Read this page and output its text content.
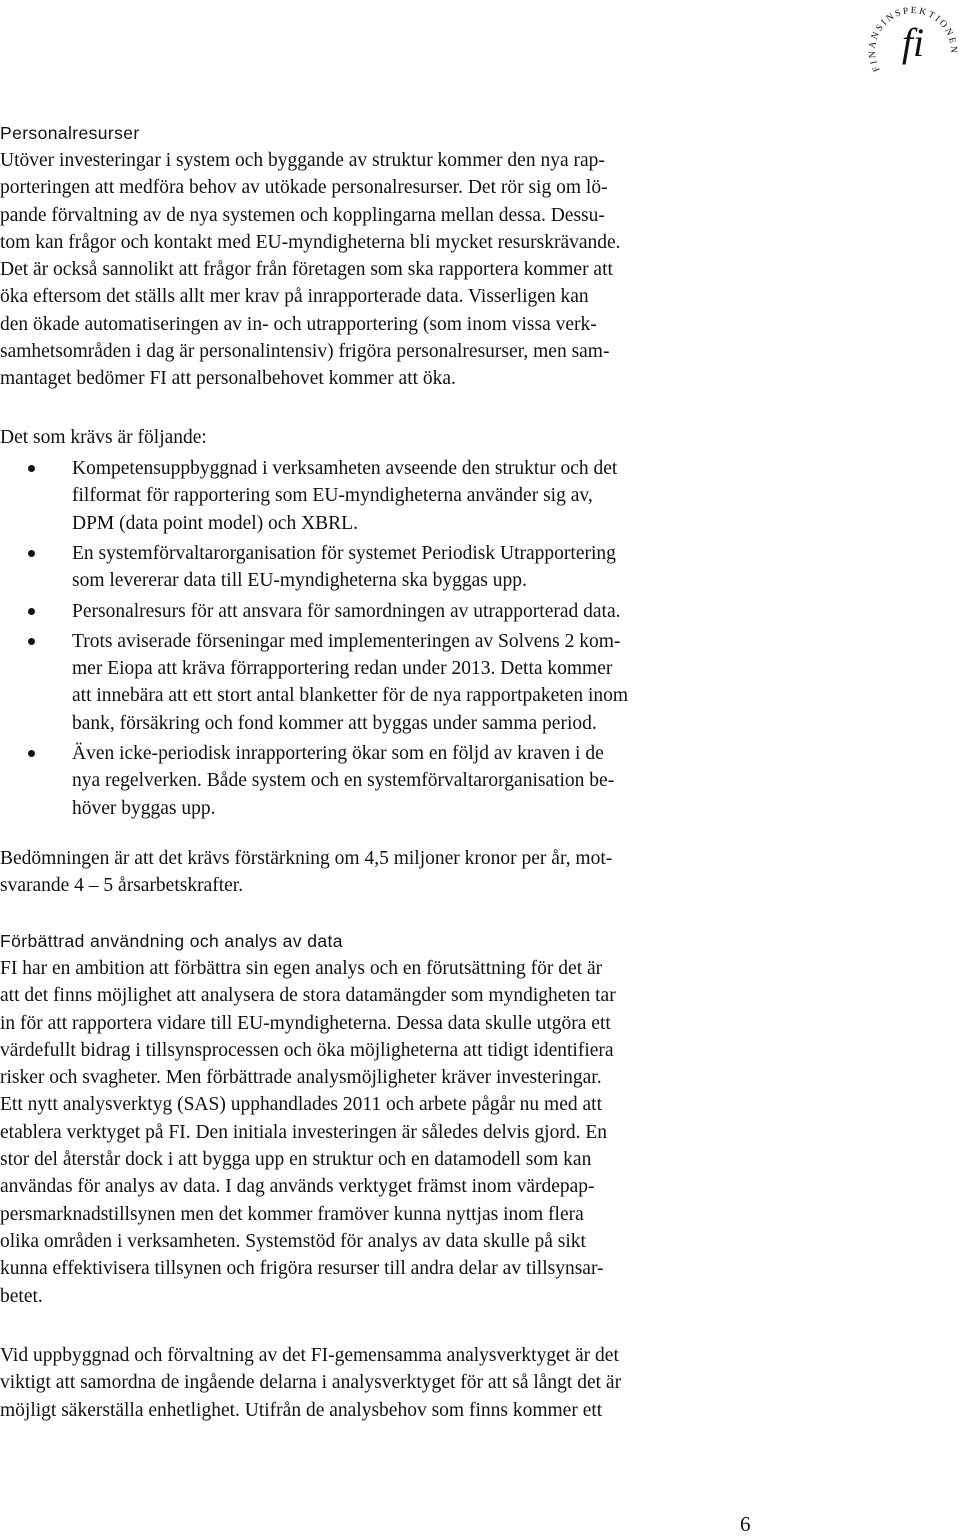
FINANSINSPEKTIONEN
fi
Personalresurser
Utöver investeringar i system och byggande av struktur kommer den nya rap-
porteringen att medföra behov av utökade personalresurser. Det rör sig om lö-
pande förvaltning av de nya systemen och kopplingarna mellan dessa. Dessu-
tom kan frågor och kontakt med EU-myndigheterna bli mycket resurskrävande.
Det är också sannolikt att frågor från företagen som ska rapportera kommer att
öka eftersom det ställs allt mer krav på inrapporterade data. Visserligen kan
den ökade automatiseringen av in- och utrapportering (som inom vissa verk-
samhetsområden i dag är personalintensiv) frigöra personalresurser, men sam-
mantaget bedömer FI att personalbehovet kommer att öka.
Det som krävs är följande:
Kompetensuppbyggnad i verksamheten avseende den struktur och det
filformat för rapportering som EU-myndigheterna använder sig av,
DPM (data point model) och XBRL.
En systemförvaltarorganisation för systemet Periodisk Utrapportering
som levererar data till EU-myndigheterna ska byggas upp.
Personalresurs för att ansvara för samordningen av utrapporterad data.
Trots aviserade förseningar med implementeringen av Solvens 2 kom-
mer Eiopa att kräva förrapportering redan under 2013. Detta kommer
att innebära att ett stort antal blanketter för de nya rapportpaketen inom
bank, försäkring och fond kommer att byggas under samma period.
Även icke-periodisk inrapportering ökar som en följd av kraven i de
nya regelverken. Både system och en systemförvaltarorganisation be-
höver byggas upp.
Bedömningen är att det krävs förstärkning om 4,5 miljoner kronor per år, mot-
svarande 4 – 5 årsarbetskrafter.
Förbättrad användning och analys av data
FI har en ambition att förbättra sin egen analys och en förutsättning för det är
att det finns möjlighet att analysera de stora datamängder som myndigheten tar
in för att rapportera vidare till EU-myndigheterna. Dessa data skulle utgöra ett
värdefullt bidrag i tillsynsprocessen och öka möjligheterna att tidigt identifiera
risker och svagheter. Men förbättrade analysmöjligheter kräver investeringar.
Ett nytt analysverktyg (SAS) upphandlades 2011 och arbete pågår nu med att
etablera verktyget på FI. Den initiala investeringen är således delvis gjord. En
stor del återstår dock i att bygga upp en struktur och en datamodell som kan
användas för analys av data. I dag används verktyget främst inom värdepap-
persmarknadstillsynen men det kommer framöver kunna nyttjas inom flera
olika områden i verksamheten. Systemstöd för analys av data skulle på sikt
kunna effektivisera tillsynen och frigöra resurser till andra delar av tillsynsar-
betet.
Vid uppbyggnad och förvaltning av det FI-gemensamma analysverktyget är det
viktigt att samordna de ingående delarna i analysverktyget för att så långt det är
möjligt säkerställa enhetlighet. Utifrån de analysbehov som finns kommer ett
6
